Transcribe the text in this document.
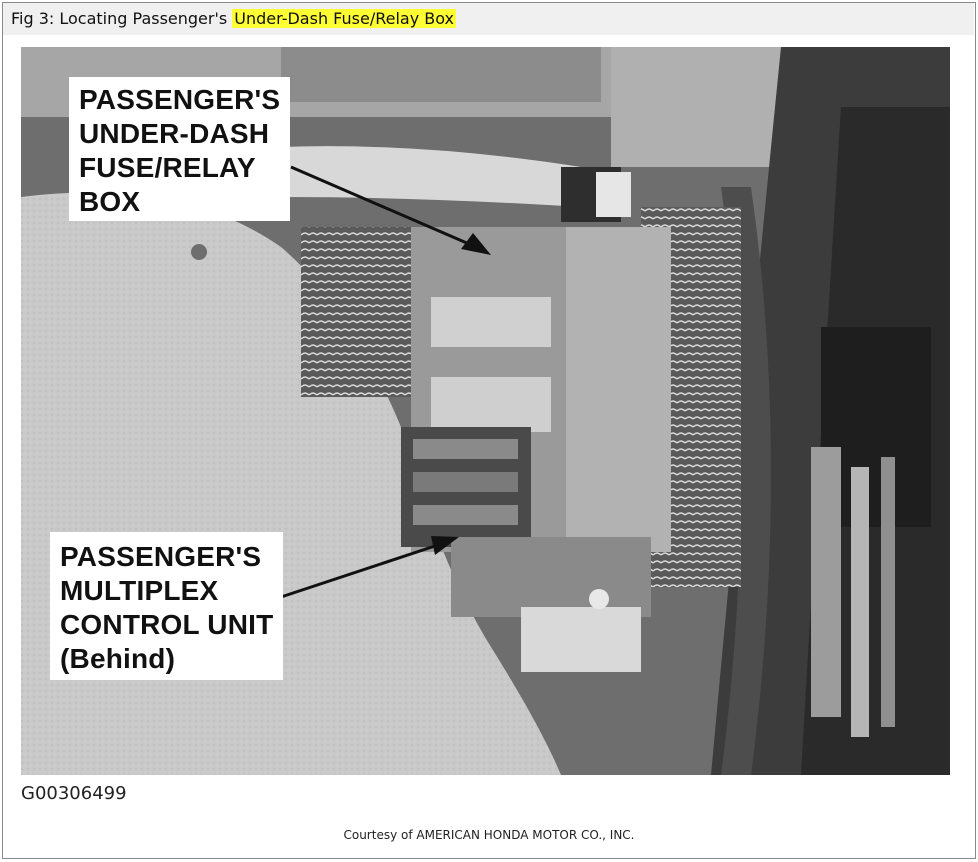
Fig 3: Locating Passenger's Under-Dash Fuse/Relay Box
PASSENGER'S
UNDER-DASH
FUSE/RELAY
BOX
PASSENGER'S
MULTIPLEX
CONTROL UNIT
(Behind)
G00306499
Courtesy of AMERICAN HONDA MOTOR CO., INC.
